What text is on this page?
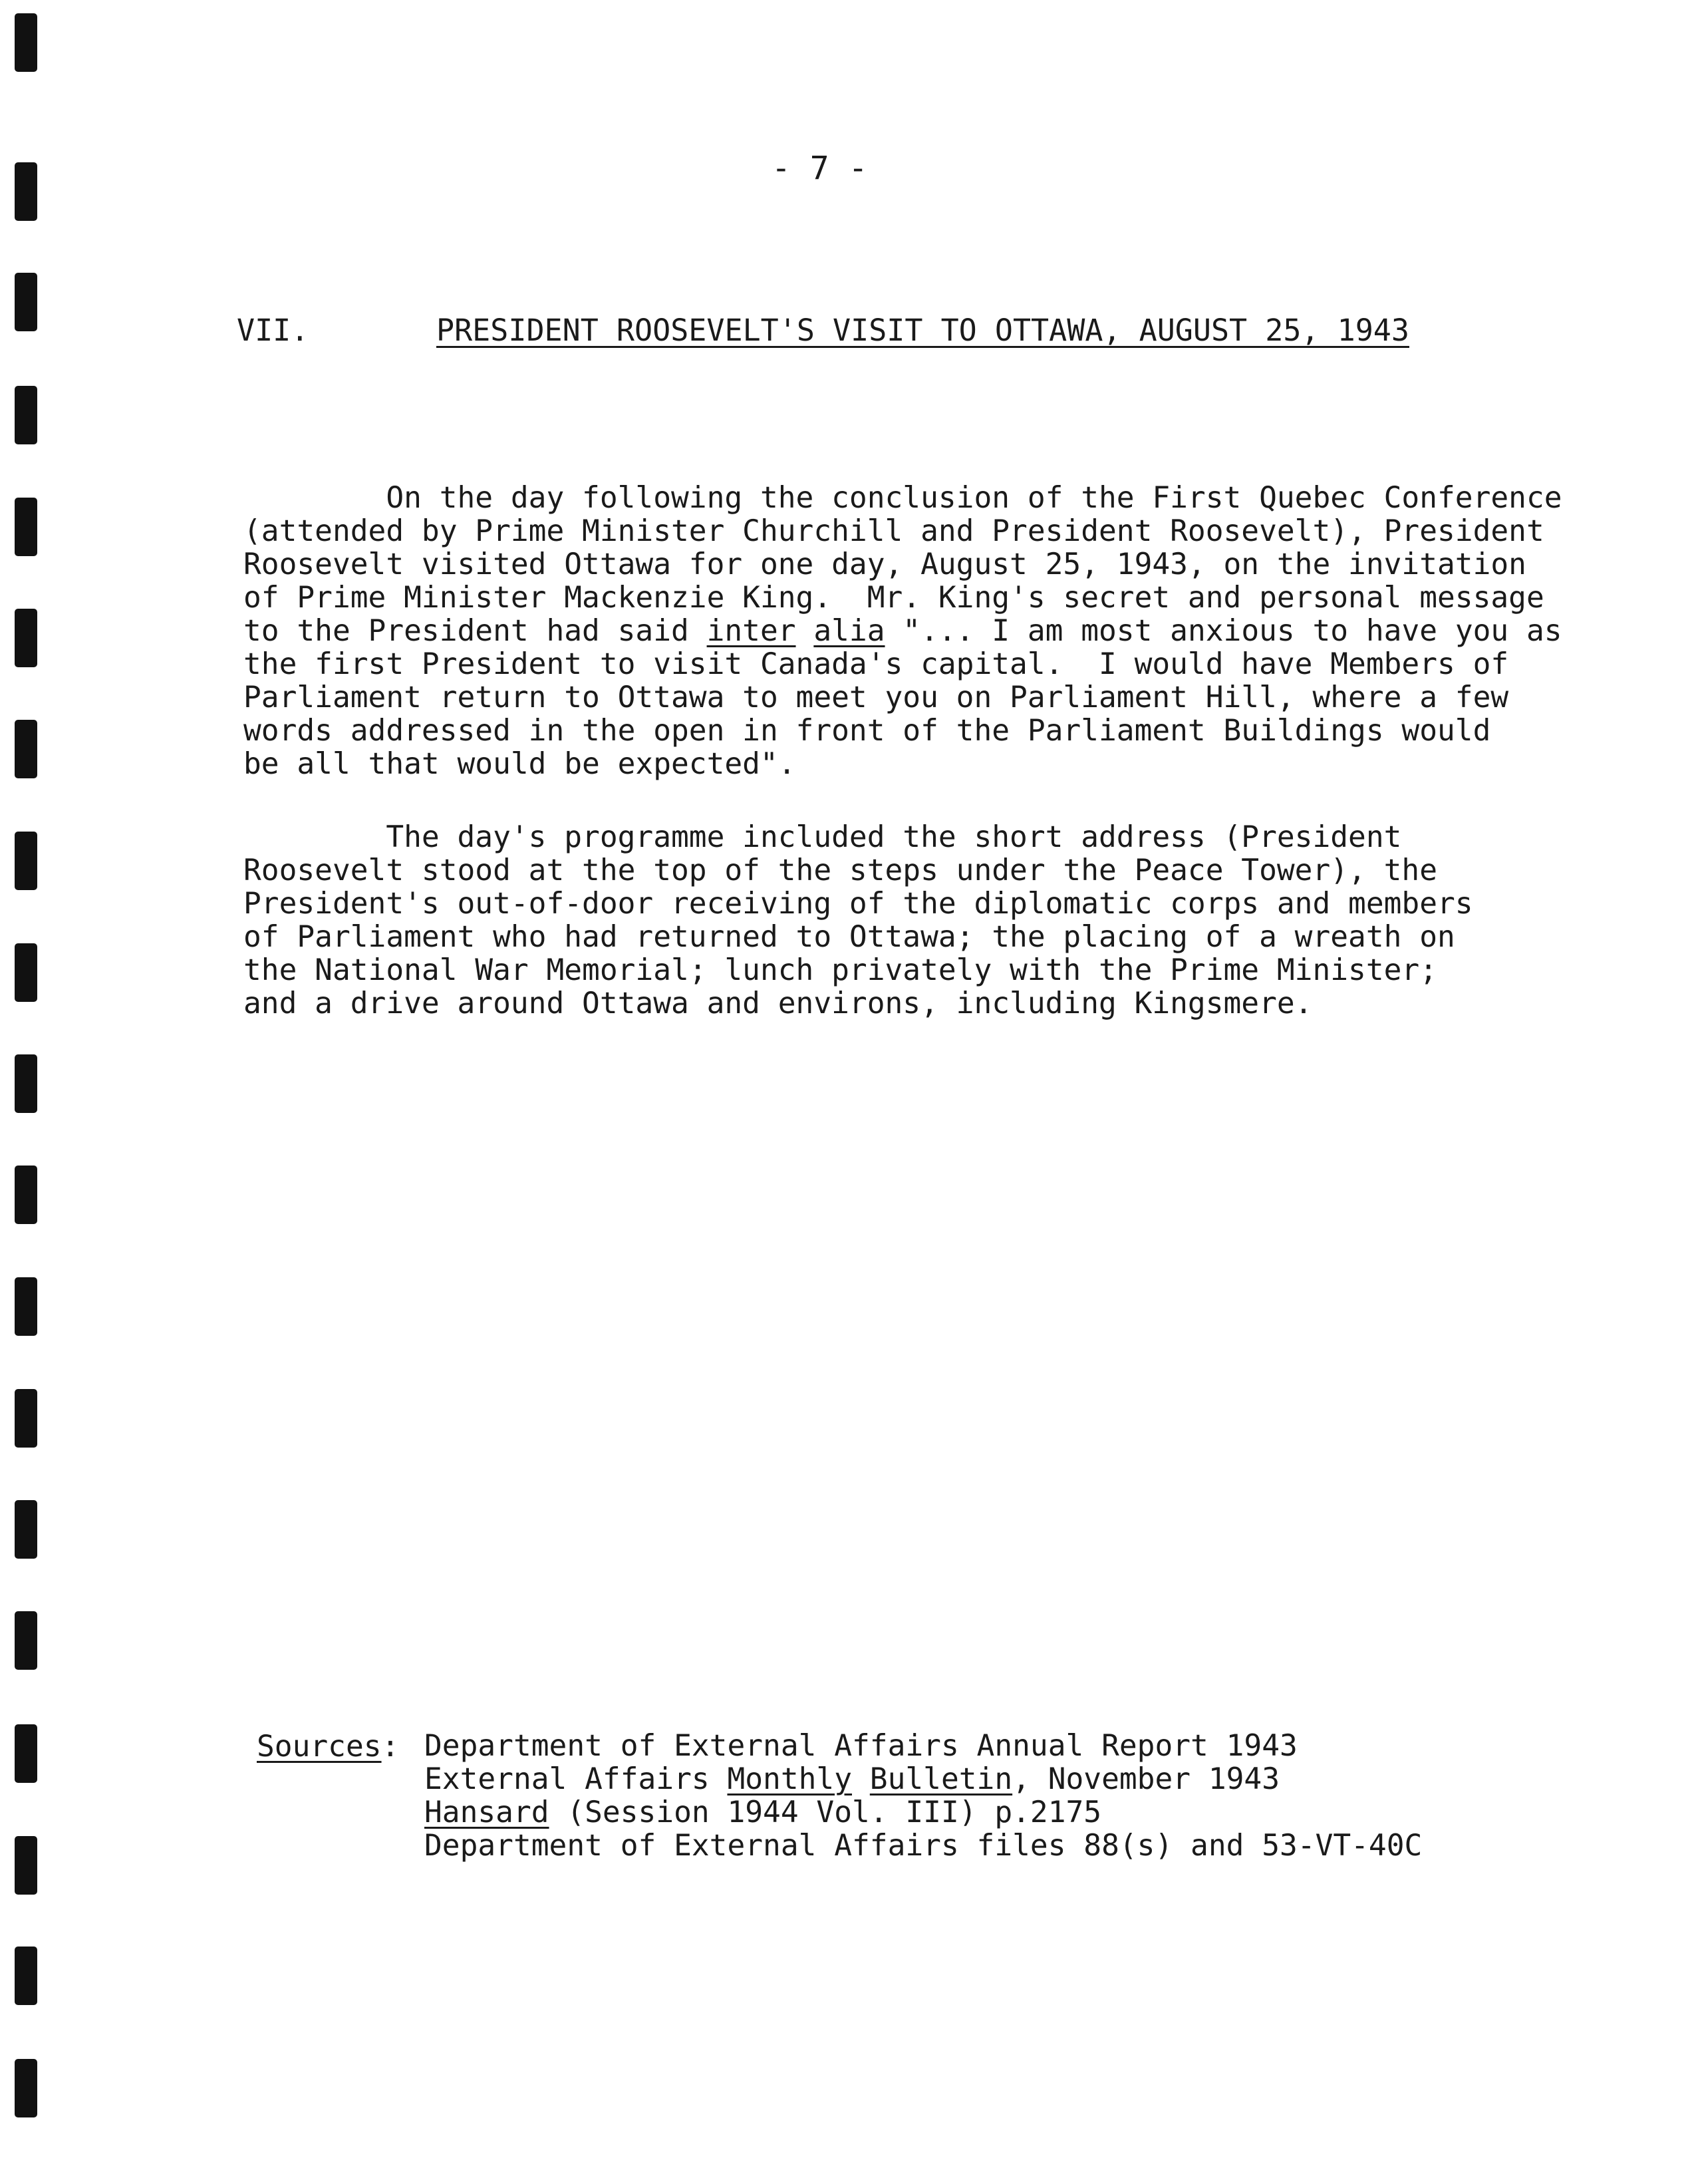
- 7 -

VII.

	PRESIDENT ROOSEVELT'S VISIT TO OTTAWA, AUGUST 25, 1943

On the day following the conclusion of the First Quebec Conference
(attended by Prime Minister Churchill and President Roosevelt), President
Roosevelt visited Ottawa for one day, August 25, 1943, on the invitation
of Prime Minister Mackenzie King.  Mr. King's secret and personal message
to the President had said inter alia "... I am most anxious to have you as
the first President to visit Canada's capital.  I would have Members of
Parliament return to Ottawa to meet you on Parliament Hill, where a few
words addressed in the open in front of the Parliament Buildings would
be all that would be expected".
The day's programme included the short address (President
Roosevelt stood at the top of the steps under the Peace Tower), the
President's out-of-door receiving of the diplomatic corps and members
of Parliament who had returned to Ottawa; the placing of a wreath on
the National War Memorial; lunch privately with the Prime Minister;
and a drive around Ottawa and environs, including Kingsmere.
Sources: Department of External Affairs Annual Report 1943
External Affairs Monthly Bulletin, November 1943
Hansard (Session 1944 Vol. III) p.2175
Department of External Affairs files 88(s) and 53-VT-40C
